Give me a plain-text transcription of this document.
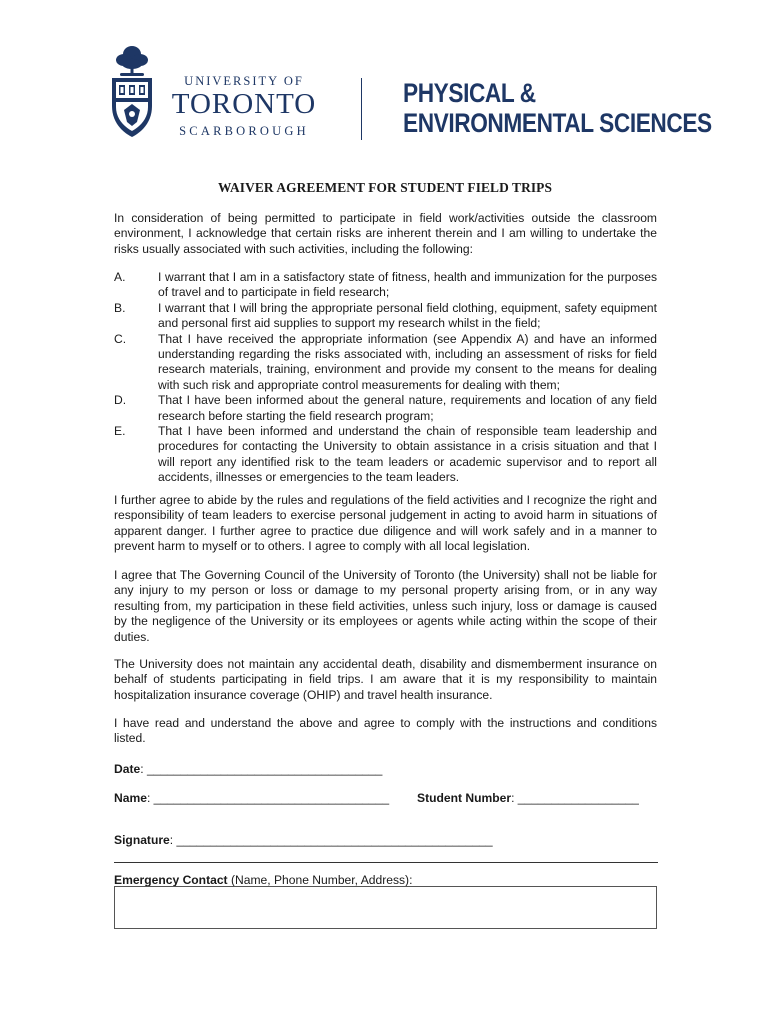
UNIVERSITY OF
TORONTO
SCARBOROUGH
PHYSICAL &
ENVIRONMENTAL SCIENCES
WAIVER AGREEMENT FOR STUDENT FIELD TRIPS

In consideration of being permitted to participate in field work/activities outside the classroom environment, I acknowledge that certain risks are inherent therein and I am willing to undertake the risks usually associated with such activities, including the following:

A.	I warrant that I am in a satisfactory state of fitness, health and immunization for the purposes of travel and to participate in field research;
B.	I warrant that I will bring the appropriate personal field clothing, equipment, safety equipment and personal first aid supplies to support my research whilst in the field;
C.	That I have received the appropriate information (see Appendix A) and have an informed understanding regarding the risks associated with, including an assessment of risks for field research materials, training, environment and provide my consent to the means for dealing with such risk and appropriate control measurements for dealing with them;
D.	That I have been informed about the general nature, requirements and location of any field research before starting the field research program;
E.	That I have been informed and understand the chain of responsible team leadership and procedures for contacting the University to obtain assistance in a crisis situation and that I will report any identified risk to the team leaders or academic supervisor and to report all accidents, illnesses or emergencies to the team leaders.

I further agree to abide by the rules and regulations of the field activities and I recognize the right and responsibility of team leaders to exercise personal judgement in acting to avoid harm in situations of apparent danger. I further agree to practice due diligence and will work safely and in a manner to prevent harm to myself or to others. I agree to comply with all local legislation.

I agree that The Governing Council of the University of Toronto (the University) shall not be liable for any injury to my person or loss or damage to my personal property arising from, or in any way resulting from, my participation in these field activities, unless such injury, loss or damage is caused by the negligence of the University or its employees or agents while acting within the scope of their duties.

The University does not maintain any accidental death, disability and dismemberment insurance on behalf of students participating in field trips. I am aware that it is my responsibility to maintain hospitalization insurance coverage (OHIP) and travel health insurance.

I have read and understand the above and agree to comply with the instructions and conditions listed.

Date: ___________________________________
Name: ___________________________________ Student Number: __________________
Signature: _______________________________________________
Emergency Contact (Name, Phone Number, Address):
